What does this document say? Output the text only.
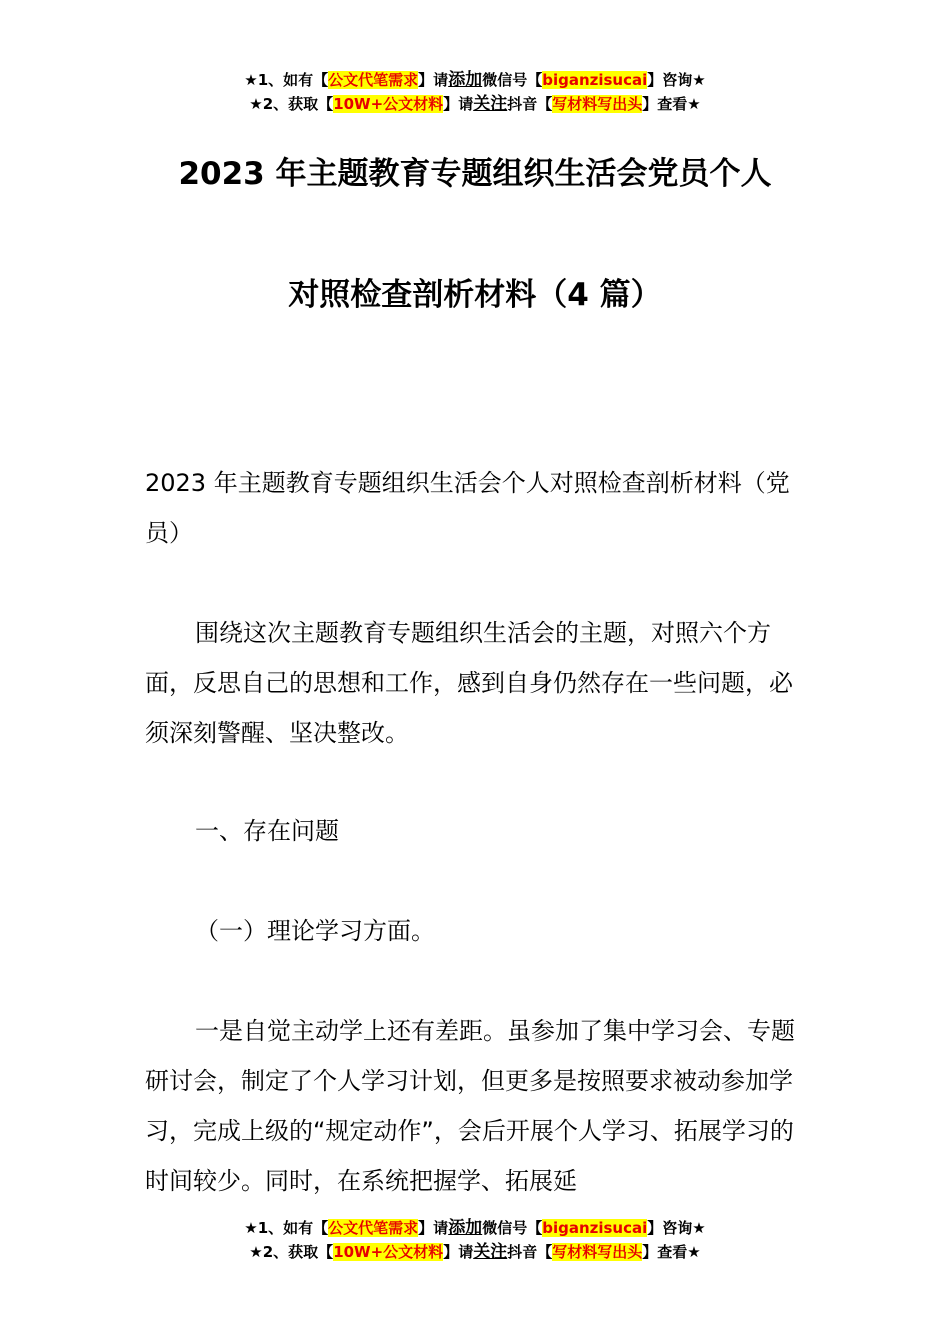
★1、如有【公文代笔需求】请添加微信号【biganzisucai】咨询★
★2、获取【10W+公文材料】请关注抖音【写材料写出头】查看★
2023 年主题教育专题组织生活会党员个人
对照检查剖析材料（4 篇）

2023 年主题教育专题组织生活会个人对照检查剖析材料（党员）

围绕这次主题教育专题组织生活会的主题，对照六个方面，反思自己的思想和工作，感到自身仍然存在一些问题，必须深刻警醒、坚决整改。

一、存在问题

（一）理论学习方面。

一是自觉主动学上还有差距。虽参加了集中学习会、专题研讨会，制定了个人学习计划，但更多是按照要求被动参加学习，完成上级的“规定动作”，会后开展个人学习、拓展学习的时间较少。同时，在系统把握学、拓展延

★1、如有【公文代笔需求】请添加微信号【biganzisucai】咨询★
★2、获取【10W+公文材料】请关注抖音【写材料写出头】查看★
